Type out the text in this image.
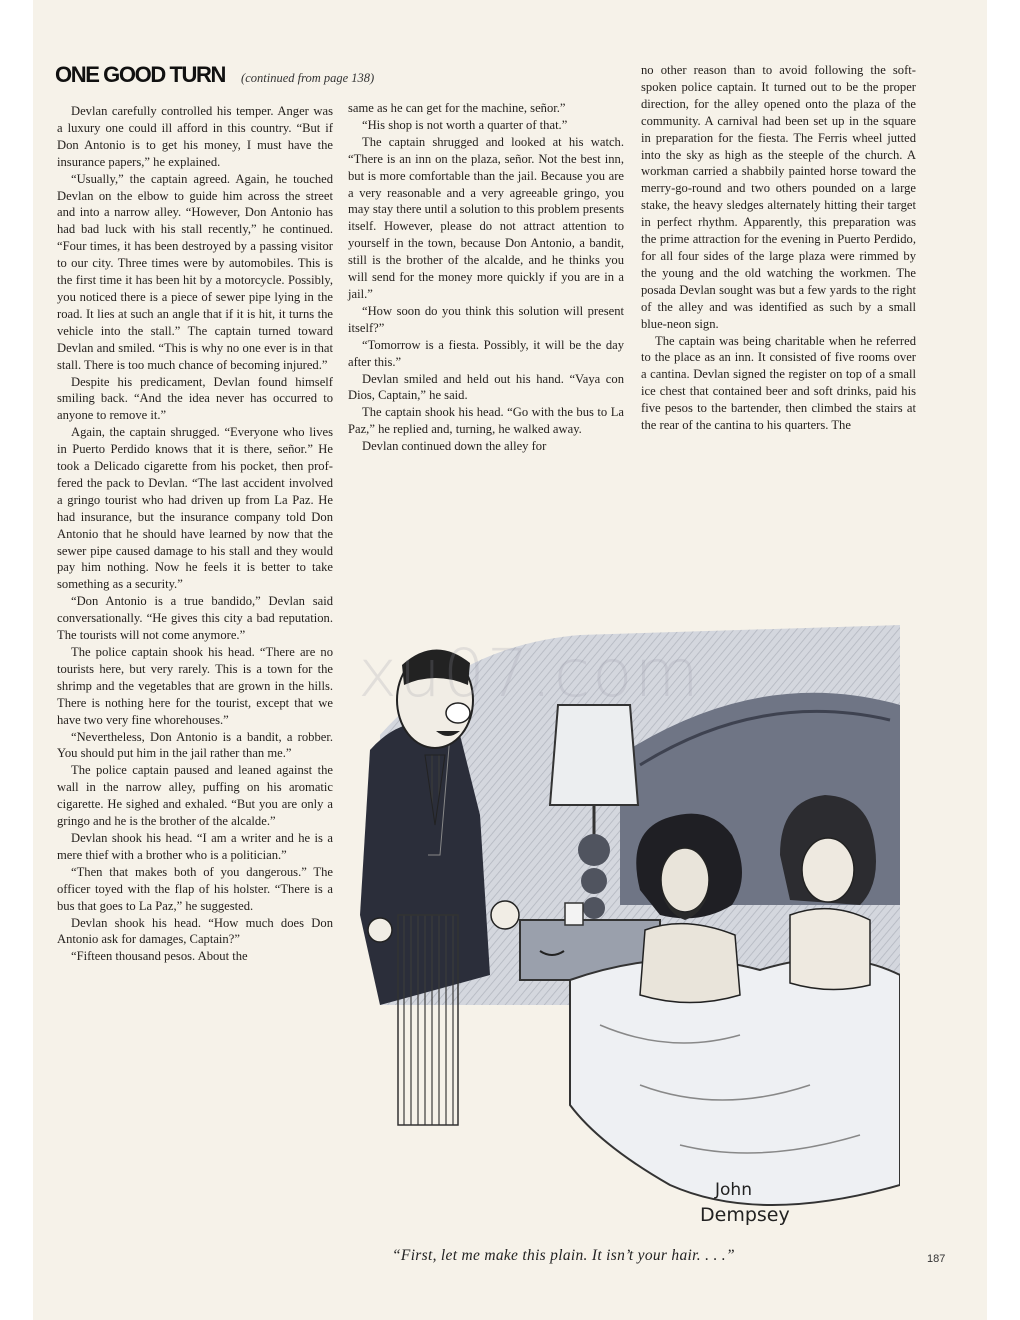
ONE GOOD TURN (continued from page 138)

Devlan carefully controlled his temper. Anger was a luxury one could ill afford in this country. “But if Don Antonio is to get his money, I must have the insurance papers,” he explained.

“Usually,” the captain agreed. Again, he touched Devlan on the elbow to guide him across the street and into a narrow alley. “However, Don Antonio has had bad luck with his stall recently,” he continued. “Four times, it has been destroyed by a passing visitor to our city. Three times were by automobiles. This is the first time it has been hit by a motorcycle. Possibly, you noticed there is a piece of sewer pipe lying in the road. It lies at such an angle that if it is hit, it turns the vehicle into the stall.” The captain turned toward Devlan and smiled. “This is why no one ever is in that stall. There is too much chance of becoming injured.”

Despite his predicament, Devlan found himself smiling back. “And the idea never has occurred to anyone to remove it.”

Again, the captain shrugged. “Everyone who lives in Puerto Perdido knows that it is there, señor.” He took a Delicado cigarette from his pocket, then proffered the pack to Devlan. “The last accident involved a gringo tourist who had driven up from La Paz. He had insurance, but the insurance company told Don Antonio that he should have learned by now that the sewer pipe caused damage to his stall and they would pay him nothing. Now he feels it is better to take something as a security.”

“Don Antonio is a true bandido,” Devlan said conversationally. “He gives this city a bad reputation. The tourists will not come anymore.”

The police captain shook his head. “There are no tourists here, but very rarely. This is a town for the shrimp and the vegetables that are grown in the hills. There is nothing here for the tourist, except that we have two very fine whorehouses.”

“Nevertheless, Don Antonio is a bandit, a robber. You should put him in the jail rather than me.”

The police captain paused and leaned against the wall in the narrow alley, puffing on his aromatic cigarette. He sighed and exhaled. “But you are only a gringo and he is the brother of the alcalde.”

Devlan shook his head. “I am a writer and he is a mere thief with a brother who is a politician.”

“Then that makes both of you dangerous.” The officer toyed with the flap of his holster. “There is a bus that goes to La Paz,” he suggested.

Devlan shook his head. “How much does Don Antonio ask for damages, Captain?”

“Fifteen thousand pesos. About the

same as he can get for the machine, señor.”

“His shop is not worth a quarter of that.”

The captain shrugged and looked at his watch. “There is an inn on the plaza, señor. Not the best inn, but is more comfortable than the jail. Because you are a very reasonable and a very agreeable gringo, you may stay there until a solution to this problem presents itself. However, please do not attract attention to yourself in the town, because Don Antonio, a bandit, still is the brother of the alcalde, and he thinks you will send for the money more quickly if you are in a jail.”

“How soon do you think this solution will present itself?”

“Tomorrow is a fiesta. Possibly, it will be the day after this.”

Devlan smiled and held out his hand. “Vaya con Dios, Captain,” he said.

The captain shook his head. “Go with the bus to La Paz,” he replied and, turning, he walked away.

Devlan continued down the alley for

no other reason than to avoid following the soft-spoken police captain. It turned out to be the proper direction, for the alley opened onto the plaza of the community. A carnival had been set up in the square in preparation for the fiesta. The Ferris wheel jutted into the sky as high as the steeple of the church. A workman carried a shabbily painted horse toward the merry-go-round and two others pounded on a large stake, the heavy sledges alternately hitting their target in perfect rhythm. Apparently, this preparation was the prime attraction for the evening in Puerto Perdido, for all four sides of the large plaza were rimmed by the young and the old watching the workmen. The posada Devlan sought was but a few yards to the right of the alley and was identified as such by a small blue-neon sign.

The captain was being charitable when he referred to the place as an inn. It consisted of five rooms over a cantina. Devlan signed the register on top of a small ice chest that contained beer and soft drinks, paid his five pesos to the bartender, then climbed the stairs at the rear of the cantina to his quarters. The

John
Dempsey
xu07.com
“First, let me make this plain. It isn’t your hair. . . .”	187
